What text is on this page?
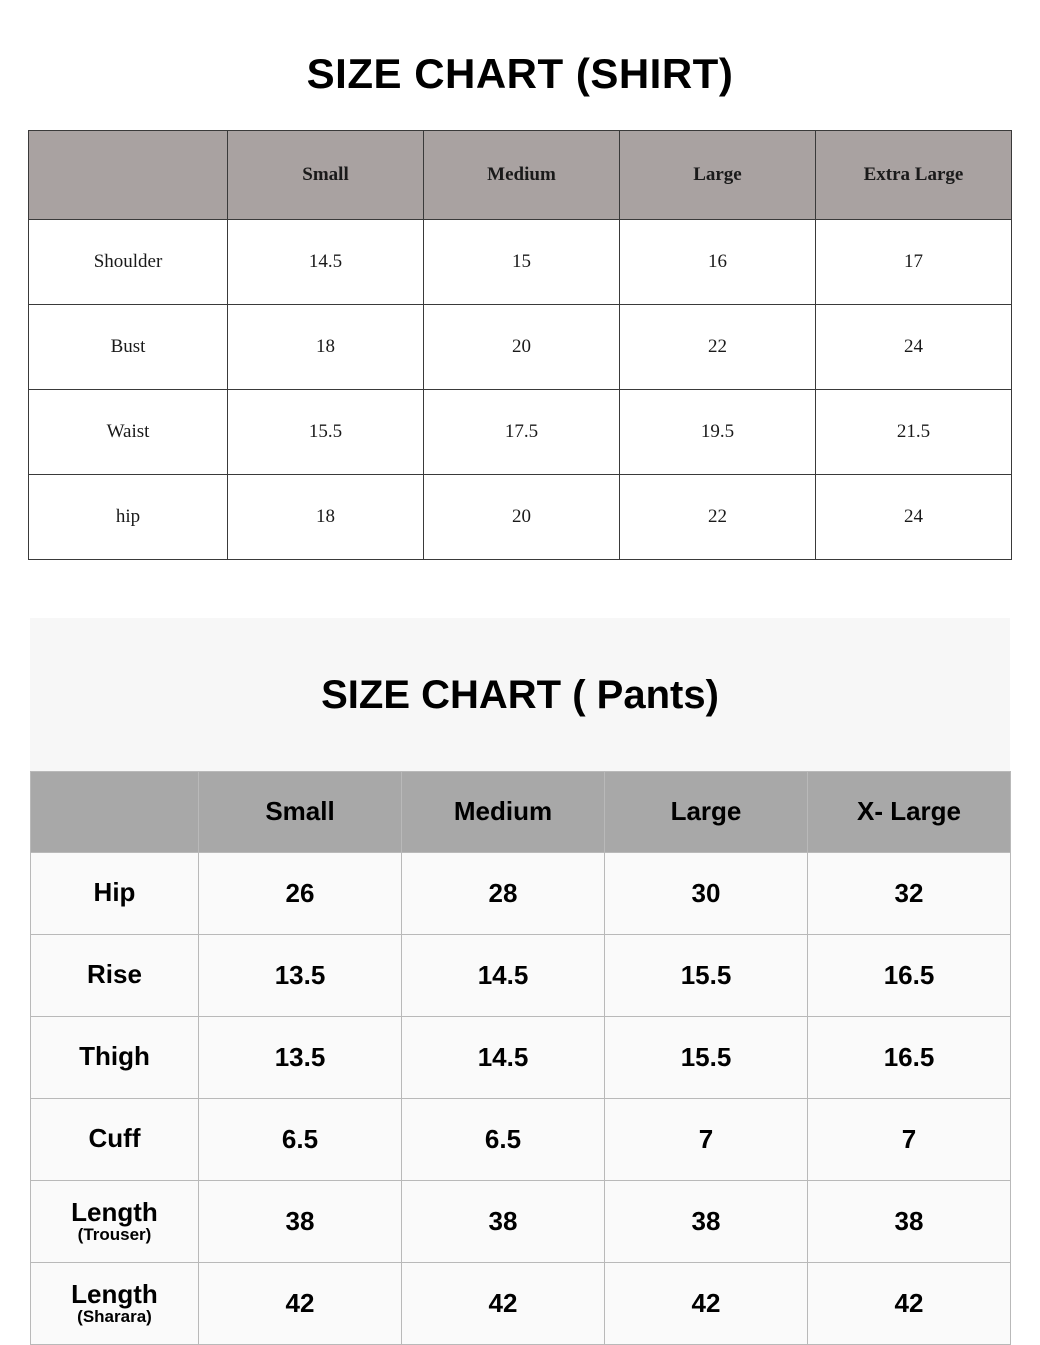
SIZE CHART (SHIRT)
	Small	Medium	Large	Extra Large
Shoulder	14.5	15	16	17
Bust	18	20	22	24
Waist	15.5	17.5	19.5	21.5
hip	18	20	22	24
SIZE CHART ( Pants)
	Small	Medium	Large	X- Large
Hip	26	28	30	32
Rise	13.5	14.5	15.5	16.5
Thigh	13.5	14.5	15.5	16.5
Cuff	6.5	6.5	7	7
Length
(Trouser)	38	38	38	38
Length
(Sharara)	42	42	42	42
